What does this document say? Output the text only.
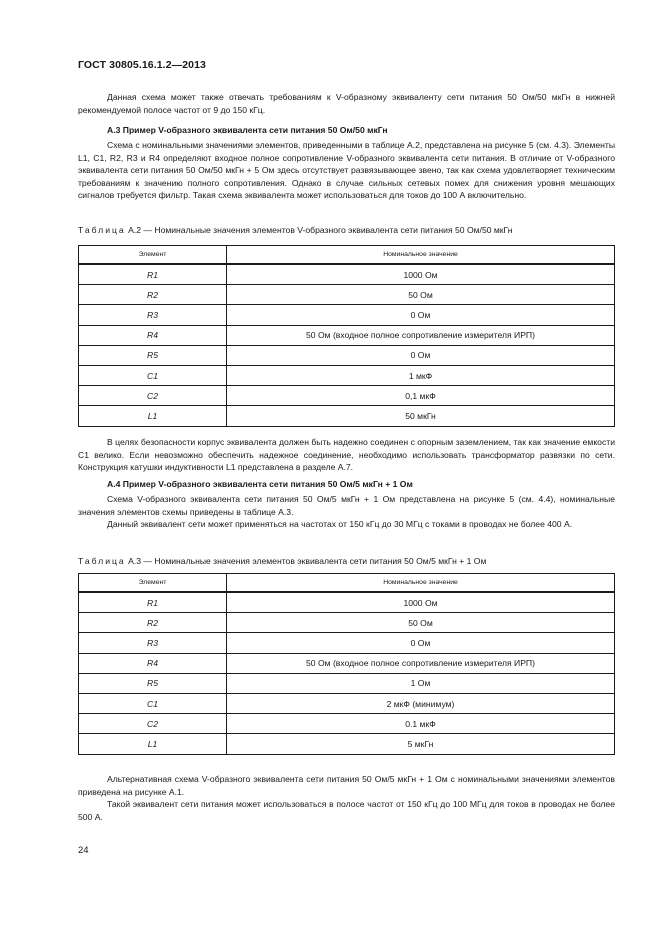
ГОСТ 30805.16.1.2—2013

Данная схема может также отвечать требованиям к V-образному эквиваленту сети питания 50 Ом/50 мкГн в нижней рекомендуемой полосе частот от 9 до 150 кГц.

А.3 Пример V-образного эквивалента сети питания 50 Ом/50 мкГн

Схема с номинальными значениями элементов, приведенными в таблице А.2, представлена на рисунке 5 (см. 4.3). Элементы L1, C1, R2, R3 и R4 определяют входное полное сопротивление V-образного эквивалента сети питания. В отличие от V-образного эквивалента сети питания 50 Ом/50 мкГн + 5 Ом здесь отсутствует развязывающее звено, так как схема удовлетворяет техническим требованиям к значению полного сопротивления. Однако в случае сильных сетевых помех для снижения уровня мешающих сигналов требуется фильтр. Такая схема эквивалента может использоваться для токов до 100 А включительно.

Таблица А.2 — Номинальные значения элементов V-образного эквивалента сети питания 50 Ом/50 мкГн
Элемент	Номинальное значение
R1	1000 Ом
R2	50 Ом
R3	0 Ом
R4	50 Ом (входное полное сопротивление измерителя ИРП)
R5	0 Ом
C1	1 мкФ
C2	0,1 мкФ
L1	50 мкГн

В целях безопасности корпус эквивалента должен быть надежно соединен с опорным заземлением, так как значение емкости C1 велико. Если невозможно обеспечить надежное соединение, необходимо использовать трансформатор развязки по сети. Конструкция катушки индуктивности L1 представлена в разделе А.7.

А.4 Пример V-образного эквивалента сети питания 50 Ом/5 мкГн + 1 Ом

Схема V-образного эквивалента сети питания 50 Ом/5 мкГн + 1 Ом представлена на рисунке 5 (см. 4.4), номинальные значения элементов схемы приведены в таблице А.3.

Данный эквивалент сети может применяться на частотах от 150 кГц до 30 МГц с токами в проводах не более 400 А.

Таблица А.3 — Номинальные значения элементов эквивалента сети питания 50 Ом/5 мкГн + 1 Ом
Элемент	Номинальное значение
R1	1000 Ом
R2	50 Ом
R3	0 Ом
R4	50 Ом (входное полное сопротивление измерителя ИРП)
R5	1 Ом
C1	2 мкФ (минимум)
C2	0.1 мкФ
L1	5 мкГн

Альтернативная схема V-образного эквивалента сети питания 50 Ом/5 мкГн + 1 Ом с номинальными значениями элементов приведена на рисунке А.1.

Такой эквивалент сети питания может использоваться в полосе частот от 150 кГц до 100 МГц для токов в проводах не более 500 А.

24
